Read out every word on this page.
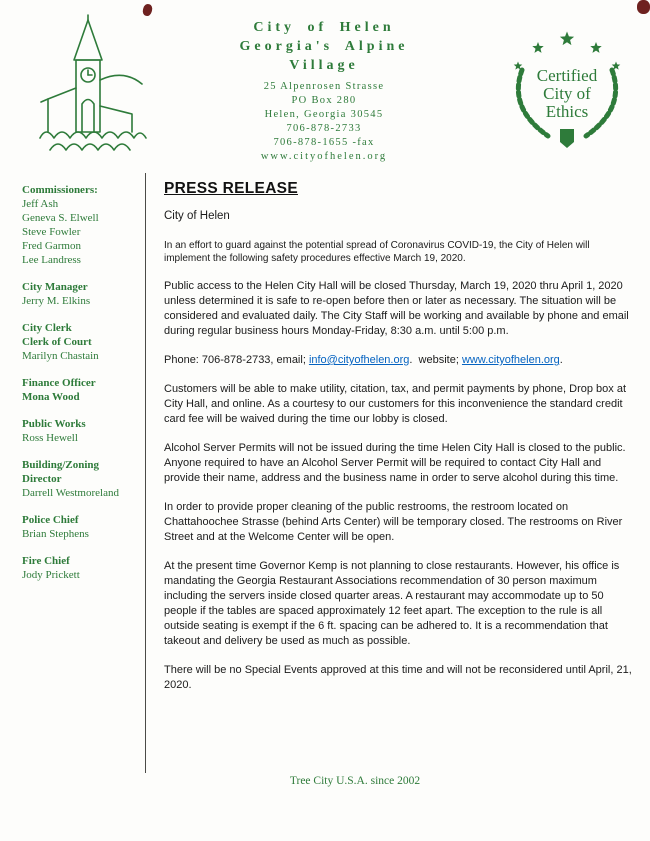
City of Helen
Georgia's Alpine
Village
25 Alpenrosen Strasse
PO Box 280
Helen, Georgia 30545
706-878-2733
706-878-1655 -fax
www.cityofhelen.org
Certified
City of
Ethics
Commissioners:
Jeff Ash
Geneva S. Elwell
Steve Fowler
Fred Garmon
Lee Landress
City Manager
Jerry M. Elkins
City Clerk
Clerk of Court
Marilyn Chastain
Finance Officer
Mona Wood
Public Works
Ross Hewell
Building/Zoning
Director
Darrell Westmoreland
Police Chief
Brian Stephens
Fire Chief
Jody Prickett
PRESS RELEASE
City of Helen

In an effort to guard against the potential spread of Coronavirus COVID-19, the City of Helen will implement the following safety procedures effective March 19, 2020.

Public access to the Helen City Hall will be closed Thursday, March 19, 2020 thru April 1, 2020 unless determined it is safe to re-open before then or later as necessary. The situation will be considered and evaluated daily. The City Staff will be working and available by phone and email during regular business hours Monday-Friday, 8:30 a.m. until 5:00 p.m.

Phone: 706-878-2733, email; info@cityofhelen.org.  website; www.cityofhelen.org.

Customers will be able to make utility, citation, tax, and permit payments by phone, Drop box at City Hall, and online. As a courtesy to our customers for this inconvenience the standard credit card fee will be waived during the time our lobby is closed.

Alcohol Server Permits will not be issued during the time Helen City Hall is closed to the public. Anyone required to have an Alcohol Server Permit will be required to contact City Hall and provide their name, address and the business name in order to serve alcohol during this time.

In order to provide proper cleaning of the public restrooms, the restroom located on Chattahoochee Strasse (behind Arts Center) will be temporary closed. The restrooms on River Street and at the Welcome Center will be open.

At the present time Governor Kemp is not planning to close restaurants. However, his office is mandating the Georgia Restaurant Associations recommendation of 30 person maximum including the servers inside closed quarter areas. A restaurant may accommodate up to 50 people if the tables are spaced approximately 12 feet apart. The exception to the rule is all outside seating is exempt if the 6 ft. spacing can be adhered to. It is a recommendation that takeout and delivery be used as much as possible.

There will be no Special Events approved at this time and will not be reconsidered until April, 21, 2020.

Tree City U.S.A. since 2002
